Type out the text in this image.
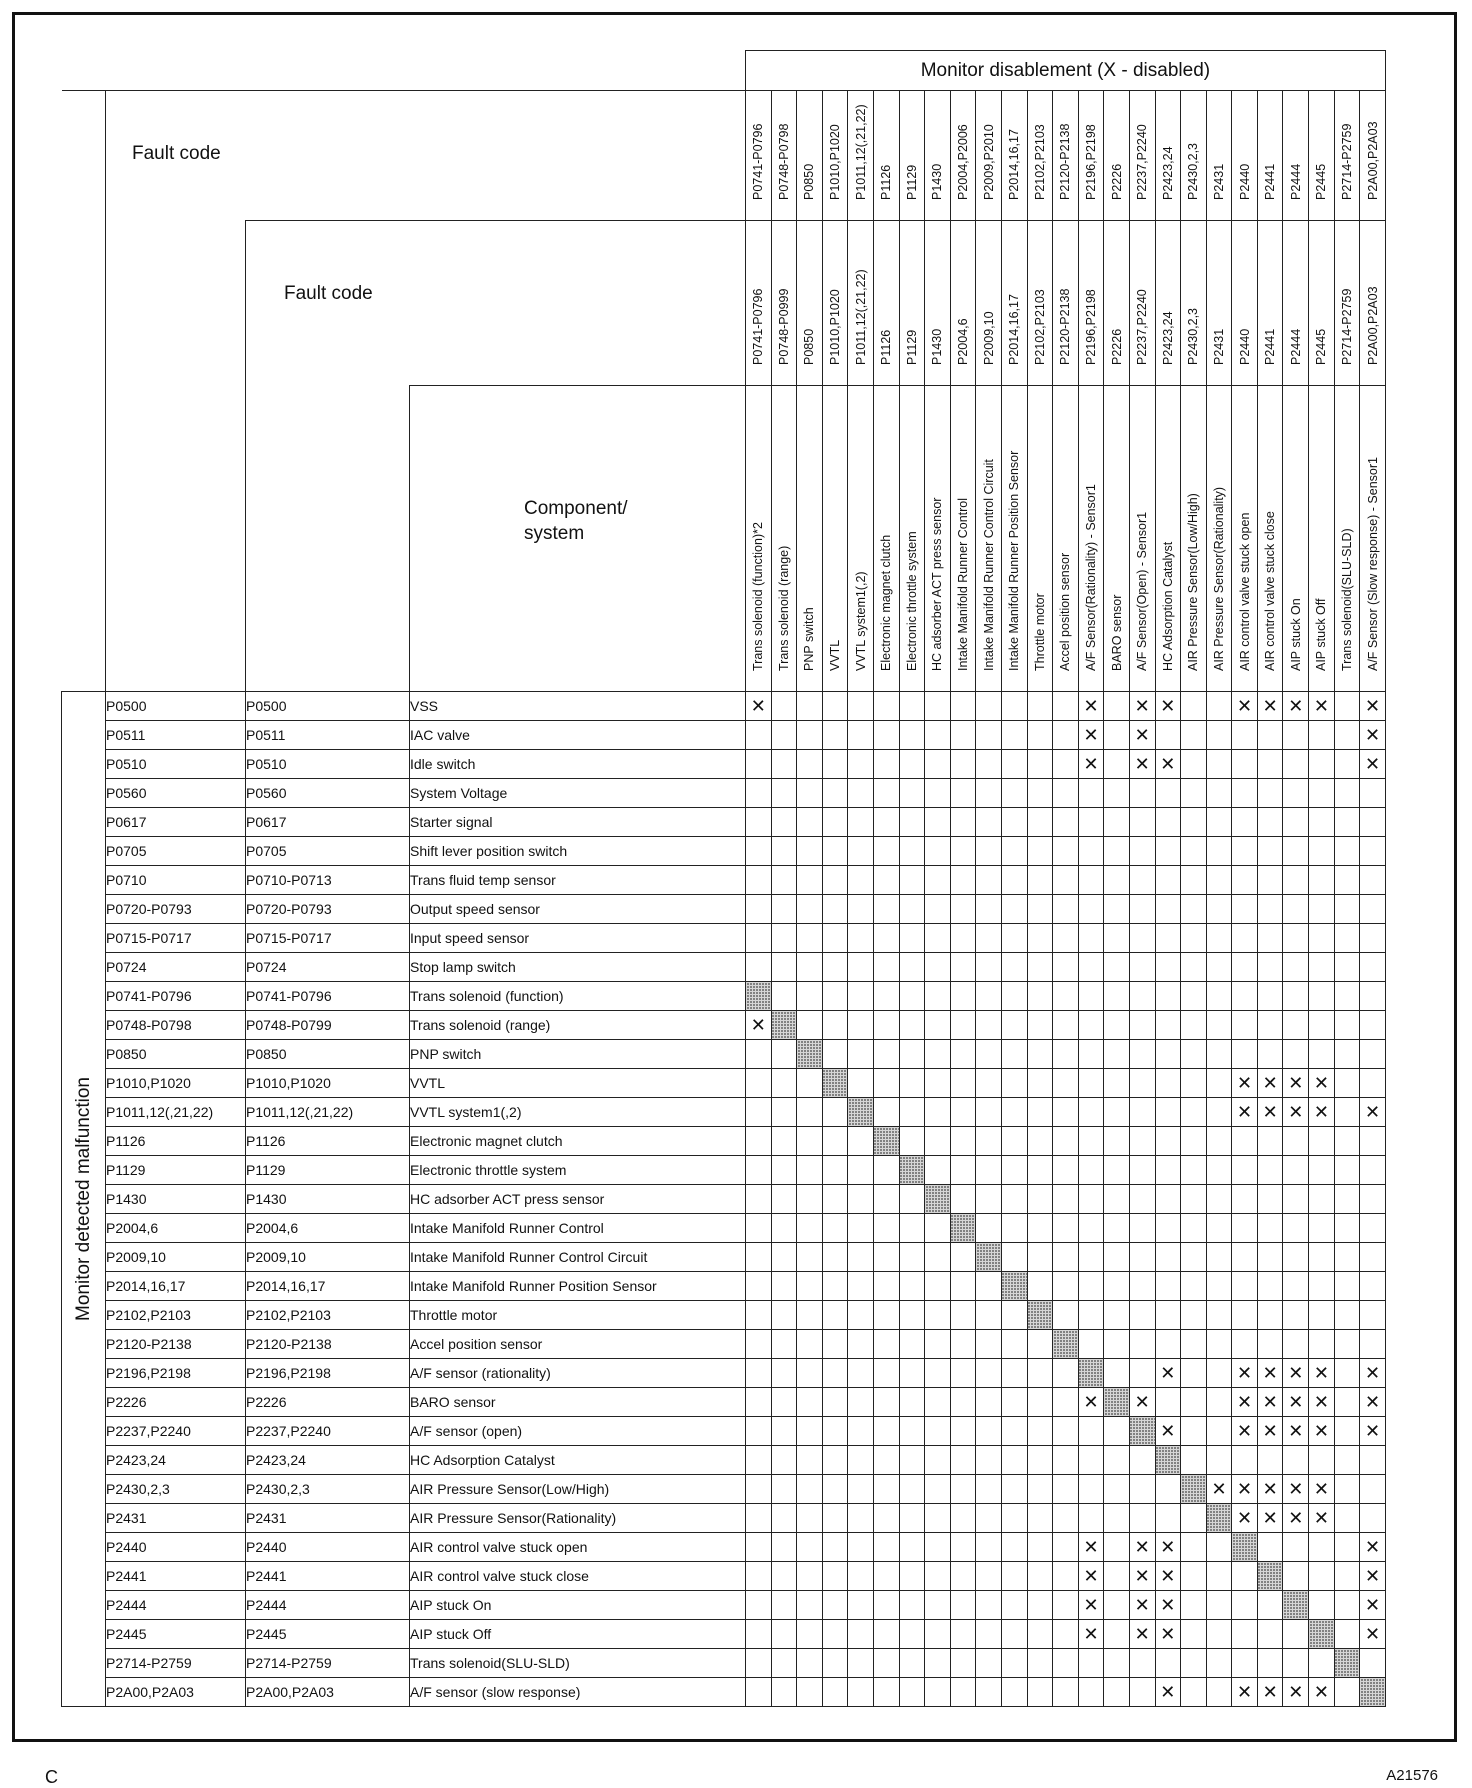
				Monitor disablement (X - disabled)																								

	Fault code			P0741-P0796	P0748-P0798	P0850	P1010,P1020	P1011,12(,21,22)	P1126	P1129	P1430	P2004,P2006	P2009,P2010	P2014,16,17	P2102,P2103	P2120-P2138	P2196,P2198	P2226	P2237,P2240	P2423,24	P2430,2,3	P2431	P2440	P2441	P2444	P2445	P2714-P2759	P2A00,P2A03

		Fault code		P0741-P0796	P0748-P0999	P0850	P1010,P1020	P1011,12(,21,22)	P1126	P1129	P1430	P2004,6	P2009,10	P2014,16,17	P2102,P2103	P2120-P2138	P2196,P2198	P2226	P2237,P2240	P2423,24	P2430,2,3	P2431	P2440	P2441	P2444	P2445	P2714-P2759	P2A00,P2A03

			Component/
system	Trans solenoid (function)*2	Trans solenoid (range)	PNP switch	VVTL	VVTL system1(,2)	Electronic magnet clutch	Electronic throttle system	HC adsorber ACT press sensor	Intake Manifold Runner Control	Intake Manifold Runner Control Circuit	Intake Manifold Runner Position Sensor	Throttle motor	Accel position sensor	A/F Sensor(Rationality) - Sensor1	BARO sensor	A/F Sensor(Open) - Sensor1	HC Adsorption Catalyst	AIR Pressure Sensor(Low/High)	AIR Pressure Sensor(Rationality)	AIR control valve stuck open	AIR control valve stuck close	AIP stuck On	AIP stuck Off	Trans solenoid(SLU-SLD)	A/F Sensor (Slow response) - Sensor1

Monitor detected malfunction	P0500	P0500	VSS	✕													✕		✕	✕			✕	✕	✕	✕		✕
	P0511	P0511	IAC valve														✕		✕									✕
	P0510	P0510	Idle switch														✕		✕	✕								✕
	P0560	P0560	System Voltage																									
	P0617	P0617	Starter signal																									
	P0705	P0705	Shift lever position switch																									
	P0710	P0710-P0713	Trans fluid temp sensor																									
	P0720-P0793	P0720-P0793	Output speed sensor																									
	P0715-P0717	P0715-P0717	Input speed sensor																									
	P0724	P0724	Stop lamp switch																									
	P0741-P0796	P0741-P0796	Trans solenoid (function)																									
	P0748-P0798	P0748-P0799	Trans solenoid (range)	✕																								
	P0850	P0850	PNP switch																									
	P1010,P1020	P1010,P1020	VVTL																				✕	✕	✕	✕		
	P1011,12(,21,22)	P1011,12(,21,22)	VVTL system1(,2)																				✕	✕	✕	✕		✕
	P1126	P1126	Electronic magnet clutch																									
	P1129	P1129	Electronic throttle system																									
	P1430	P1430	HC adsorber ACT press sensor																									
	P2004,6	P2004,6	Intake Manifold Runner Control																									
	P2009,10	P2009,10	Intake Manifold Runner Control Circuit																									
	P2014,16,17	P2014,16,17	Intake Manifold Runner Position Sensor																									
	P2102,P2103	P2102,P2103	Throttle motor																									
	P2120-P2138	P2120-P2138	Accel position sensor																									
	P2196,P2198	P2196,P2198	A/F sensor (rationality)																	✕			✕	✕	✕	✕		✕
	P2226	P2226	BARO sensor														✕		✕				✕	✕	✕	✕		✕
	P2237,P2240	P2237,P2240	A/F sensor (open)																	✕			✕	✕	✕	✕		✕
	P2423,24	P2423,24	HC Adsorption Catalyst																									
	P2430,2,3	P2430,2,3	AIR Pressure Sensor(Low/High)																			✕	✕	✕	✕	✕		
	P2431	P2431	AIR Pressure Sensor(Rationality)																				✕	✕	✕	✕		
	P2440	P2440	AIR control valve stuck open														✕		✕	✕								✕
	P2441	P2441	AIR control valve stuck close														✕		✕	✕								✕
	P2444	P2444	AIP stuck On														✕		✕	✕								✕
	P2445	P2445	AIP stuck Off														✕		✕	✕								✕
	P2714-P2759	P2714-P2759	Trans solenoid(SLU-SLD)																									
	P2A00,P2A03	P2A00,P2A03	A/F sensor (slow response)																	✕			✕	✕	✕	✕		
C	A21576
